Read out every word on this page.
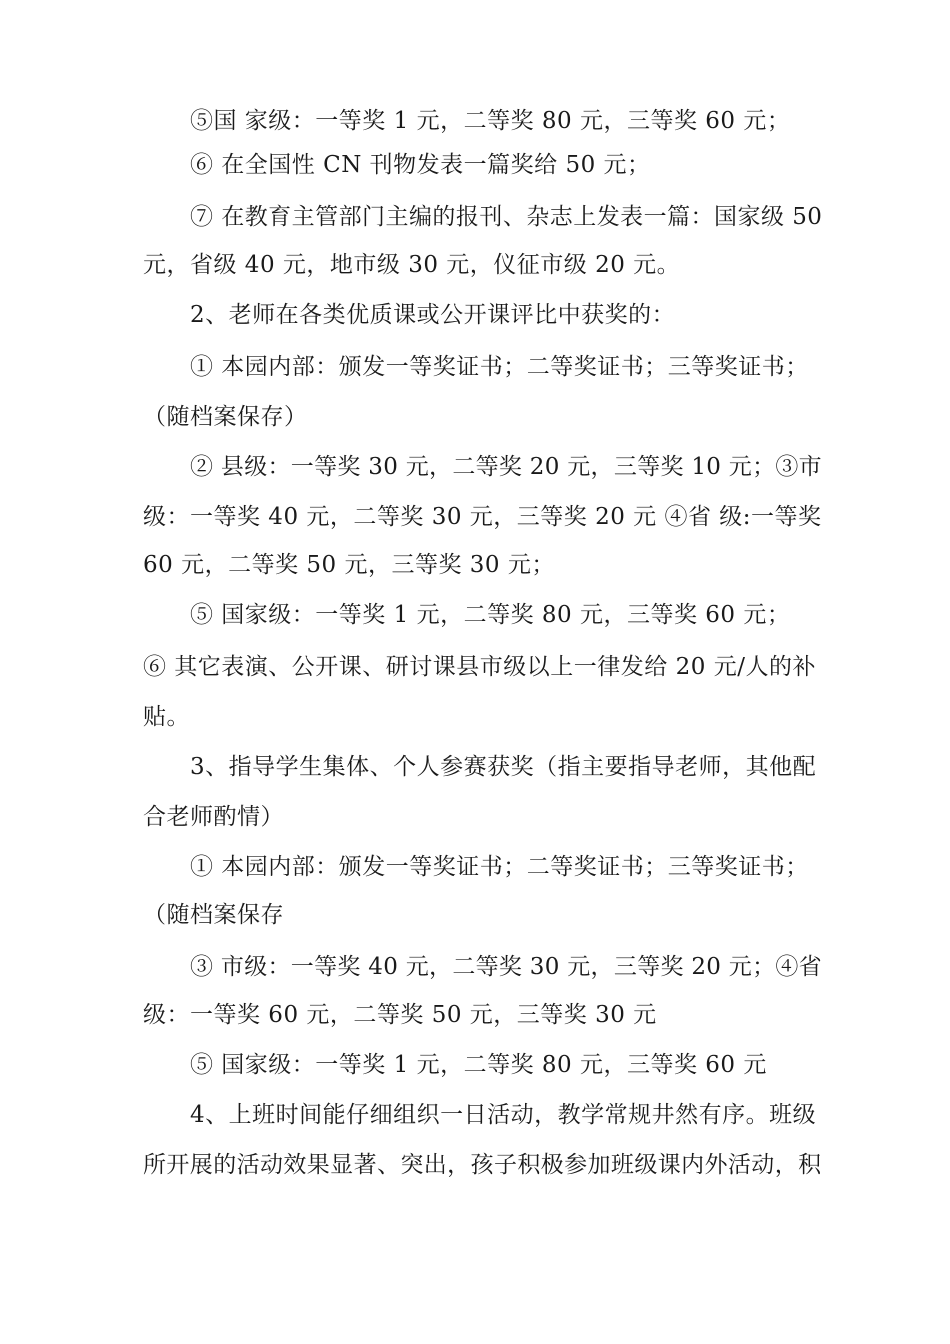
⑤国 家级：一等奖 1 元，二等奖 80 元，三等奖 60 元；
⑥ 在全国性 CN 刊物发表一篇奖给 50 元；
⑦ 在教育主管部门主编的报刊、杂志上发表一篇：国家级 50
元，省级 40 元，地市级 30 元，仪征市级 20 元。
2、老师在各类优质课或公开课评比中获奖的：
① 本园内部：颁发一等奖证书；二等奖证书；三等奖证书；
（随档案保存）
② 县级：一等奖 30 元，二等奖 20 元，三等奖 10 元；③市
级：一等奖 40 元，二等奖 30 元，三等奖 20 元 ④省 级:一等奖
60 元，二等奖 50 元，三等奖 30 元；
⑤ 国家级：一等奖 1 元，二等奖 80 元，三等奖 60 元；
⑥ 其它表演、公开课、研讨课县市级以上一律发给 20 元/人的补
贴。
3、指导学生集体、个人参赛获奖（指主要指导老师，其他配
合老师酌情）
① 本园内部：颁发一等奖证书；二等奖证书；三等奖证书；
（随档案保存
③ 市级：一等奖 40 元，二等奖 30 元，三等奖 20 元；④省
级：一等奖 60 元，二等奖 50 元，三等奖 30 元
⑤ 国家级：一等奖 1 元，二等奖 80 元，三等奖 60 元
4、上班时间能仔细组织一日活动，教学常规井然有序。班级
所开展的活动效果显著、突出，孩子积极参加班级课内外活动，积
